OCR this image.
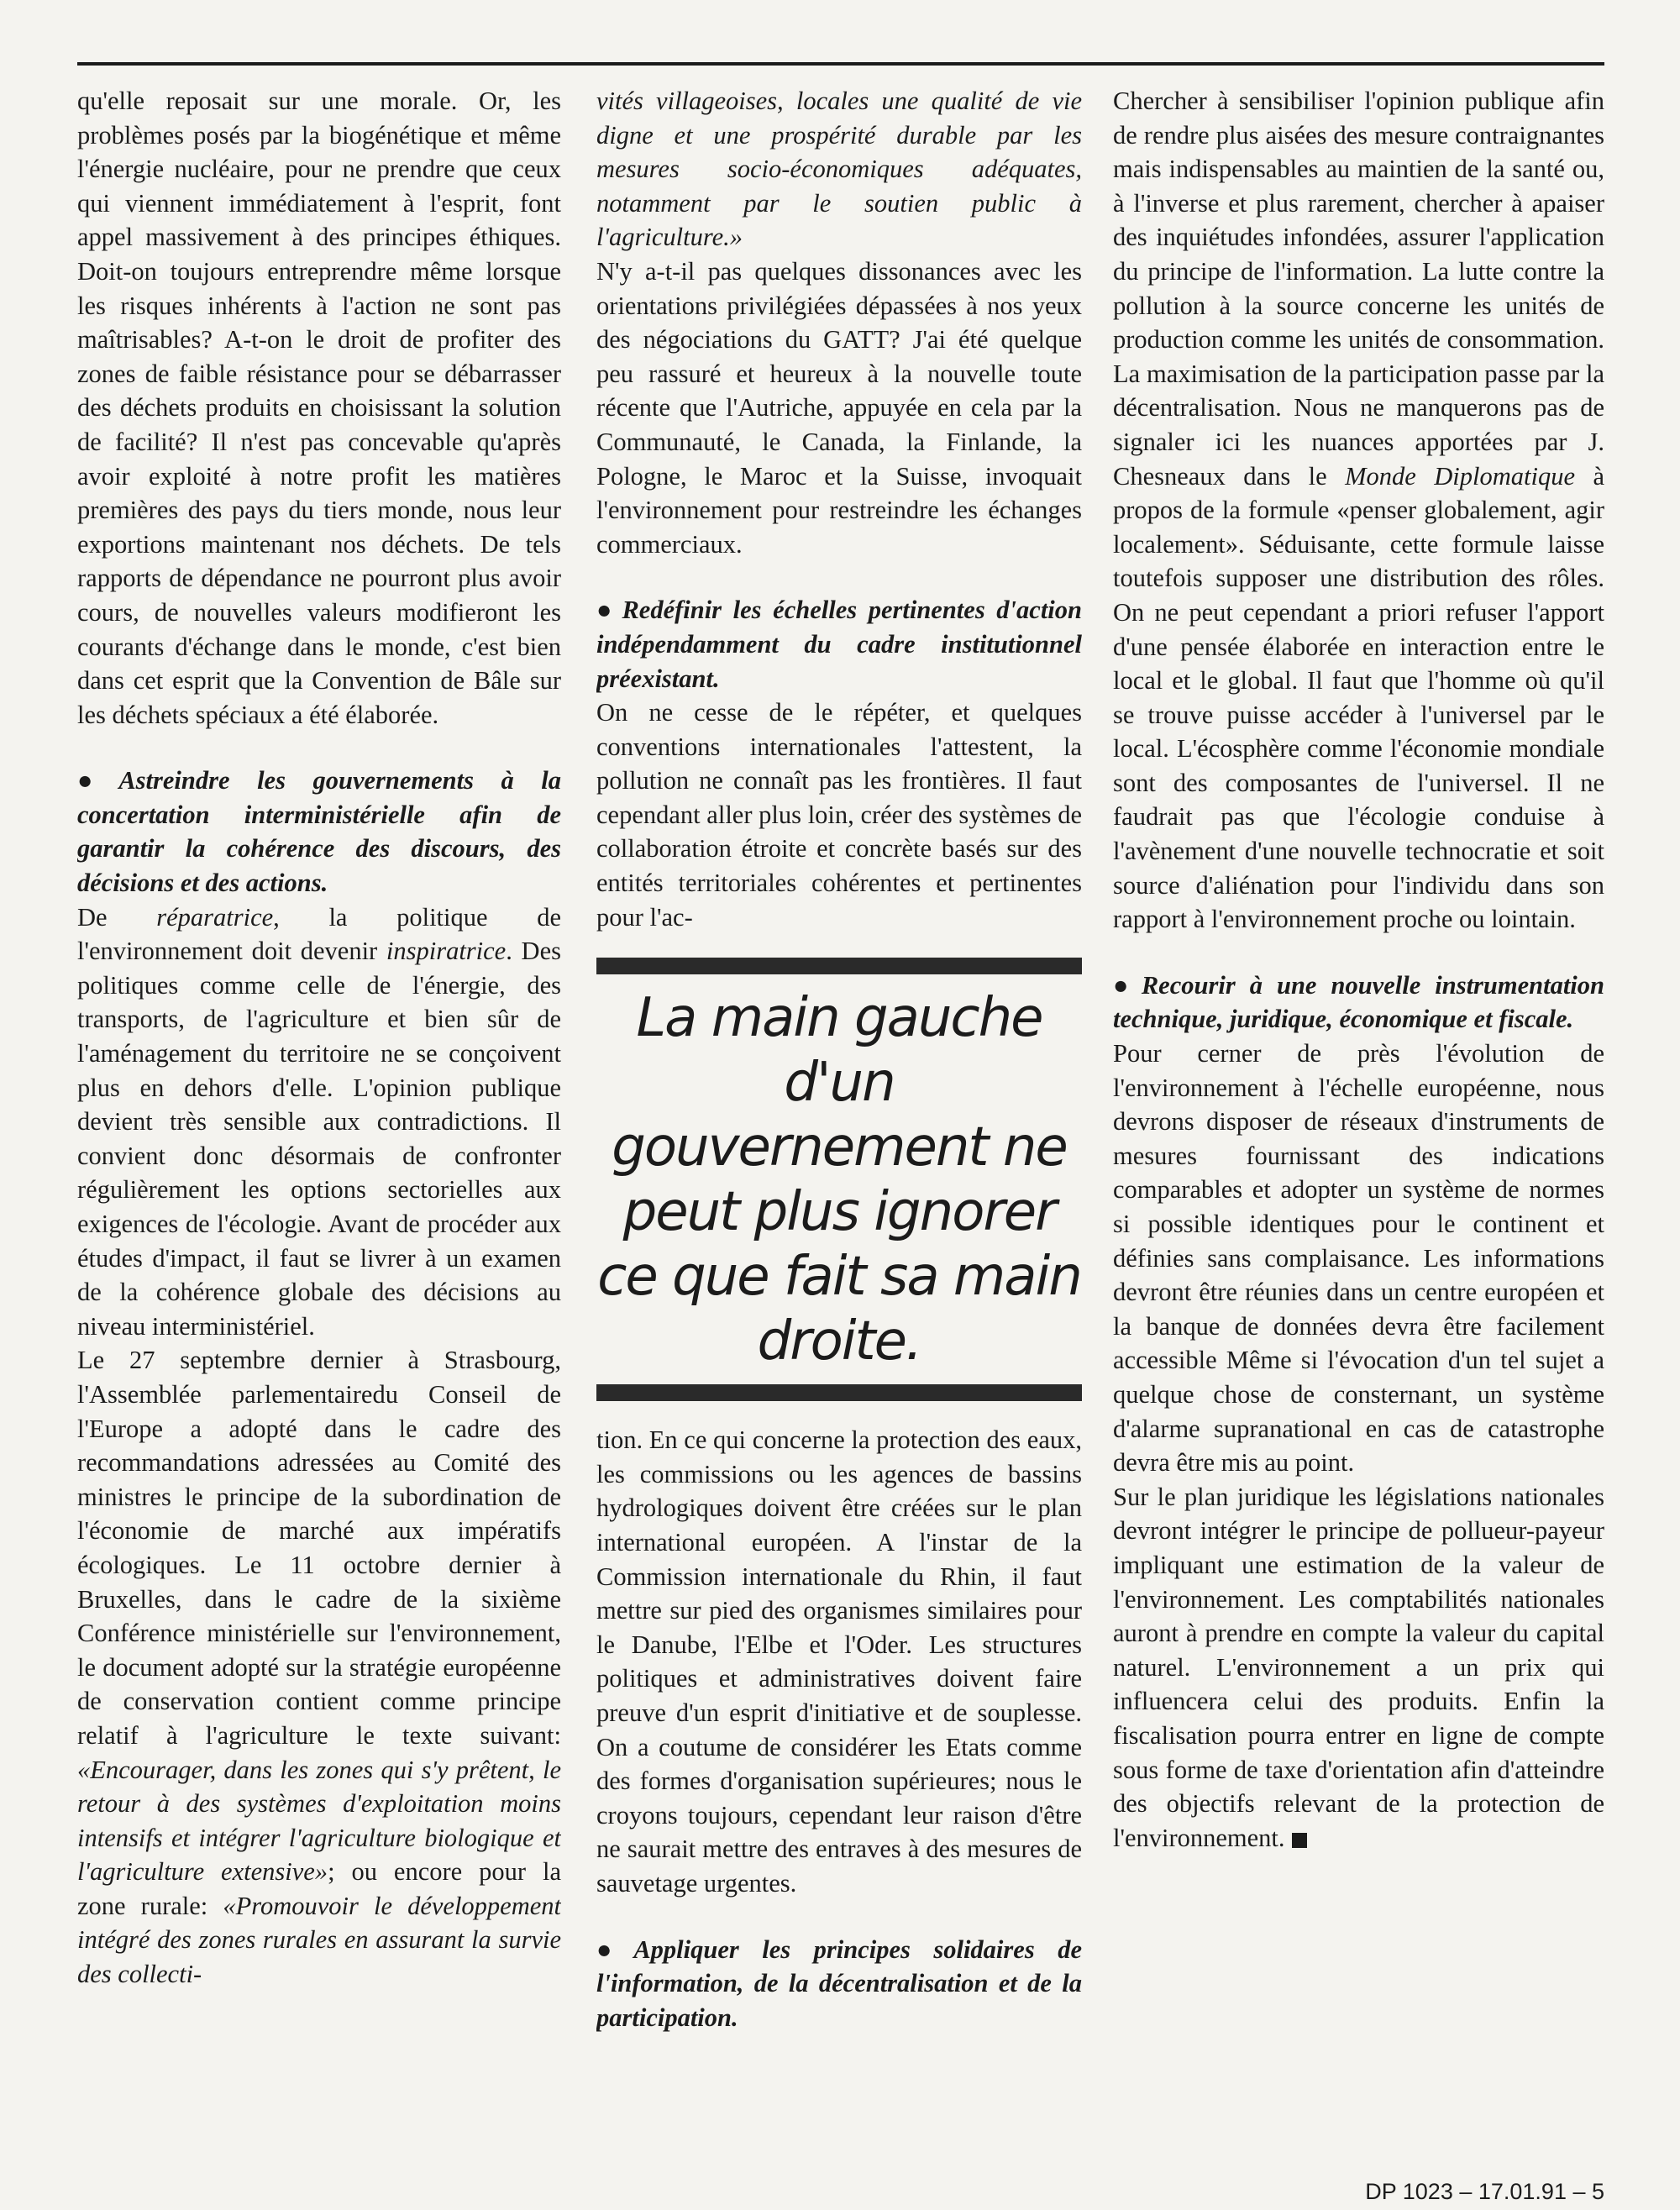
qu'elle reposait sur une morale. Or, les problèmes posés par la biogénétique et même l'énergie nucléaire, pour ne prendre que ceux qui viennent immédiatement à l'esprit, font appel massivement à des principes éthiques. Doit-on toujours entreprendre même lorsque les risques inhérents à l'action ne sont pas maîtrisables? A-t-on le droit de profiter des zones de faible résistance pour se débarrasser des déchets produits en choisissant la solution de facilité? Il n'est pas concevable qu'après avoir exploité à notre profit les matières premières des pays du tiers monde, nous leur exportions maintenant nos déchets. De tels rapports de dépendance ne pourront plus avoir cours, de nouvelles valeurs modifieront les courants d'échange dans le monde, c'est bien dans cet esprit que la Convention de Bâle sur les déchets spéciaux a été élaborée.

● Astreindre les gouvernements à la concertation interministérielle afin de garantir la cohérence des discours, des décisions et des actions.

De réparatrice, la politique de l'environnement doit devenir inspiratrice. Des politiques comme celle de l'énergie, des transports, de l'agriculture et bien sûr de l'aménagement du territoire ne se conçoivent plus en dehors d'elle. L'opinion publique devient très sensible aux contradictions. Il convient donc désormais de confronter régulièrement les options sectorielles aux exigences de l'écologie. Avant de procéder aux études d'impact, il faut se livrer à un examen de la cohérence globale des décisions au niveau interministériel.

Le 27 septembre dernier à Strasbourg, l'Assemblée parlementairedu Conseil de l'Europe a adopté dans le cadre des recommandations adressées au Comité des ministres le principe de la subordination de l'économie de marché aux impératifs écologiques. Le 11 octobre dernier à Bruxelles, dans le cadre de la sixième Conférence ministérielle sur l'environnement, le document adopté sur la stratégie européenne de conservation contient comme principe relatif à l'agriculture le texte suivant: «Encourager, dans les zones qui s'y prêtent, le retour à des systèmes d'exploitation moins intensifs et intégrer l'agriculture biologique et l'agriculture extensive»; ou encore pour la zone rurale: «Promouvoir le développement intégré des zones rurales en assurant la survie des collecti-

vités villageoises, locales une qualité de vie digne et une prospérité durable par les mesures socio-économiques adéquates, notamment par le soutien public à l'agriculture.»

N'y a-t-il pas quelques dissonances avec les orientations privilégiées dépassées à nos yeux des négociations du GATT? J'ai été quelque peu rassuré et heureux à la nouvelle toute récente que l'Autriche, appuyée en cela par la Communauté, le Canada, la Finlande, la Pologne, le Maroc et la Suisse, invoquait l'environnement pour restreindre les échanges commerciaux.

● Redéfinir les échelles pertinentes d'action indépendamment du cadre institutionnel préexistant.

On ne cesse de le répéter, et quelques conventions internationales l'attestent, la pollution ne connaît pas les frontières. Il faut cependant aller plus loin, créer des systèmes de collaboration étroite et concrète basés sur des entités territoriales cohérentes et pertinentes pour l'ac-

La main gauche d'un gouvernement ne peut plus ignorer ce que fait sa main droite.

tion. En ce qui concerne la protection des eaux, les commissions ou les agences de bassins hydrologiques doivent être créées sur le plan international européen. A l'instar de la Commission internationale du Rhin, il faut mettre sur pied des organismes similaires pour le Danube, l'Elbe et l'Oder. Les structures politiques et administratives doivent faire preuve d'un esprit d'initiative et de souplesse. On a coutume de considérer les Etats comme des formes d'organisation supérieures; nous le croyons toujours, cependant leur raison d'être ne saurait mettre des entraves à des mesures de sauvetage urgentes.

● Appliquer les principes solidaires de l'information, de la décentralisation et de la participation.

Chercher à sensibiliser l'opinion publique afin de rendre plus aisées des mesure contraignantes mais indispensables au maintien de la santé ou, à l'inverse et plus rarement, chercher à apaiser des inquiétudes infondées, assurer l'application du principe de l'information. La lutte contre la pollution à la source concerne les unités de production comme les unités de consommation. La maximisation de la participation passe par la décentralisation. Nous ne manquerons pas de signaler ici les nuances apportées par J. Chesneaux dans le Monde Diplomatique à propos de la formule «penser globalement, agir localement». Séduisante, cette formule laisse toutefois supposer une distribution des rôles. On ne peut cependant a priori refuser l'apport d'une pensée élaborée en interaction entre le local et le global. Il faut que l'homme où qu'il se trouve puisse accéder à l'universel par le local. L'écosphère comme l'économie mondiale sont des composantes de l'universel. Il ne faudrait pas que l'écologie conduise à l'avènement d'une nouvelle technocratie et soit source d'aliénation pour l'individu dans son rapport à l'environnement proche ou lointain.

● Recourir à une nouvelle instrumentation technique, juridique, économique et fiscale.

Pour cerner de près l'évolution de l'environnement à l'échelle européenne, nous devrons disposer de réseaux d'instruments de mesures fournissant des indications comparables et adopter un système de normes si possible identiques pour le continent et définies sans complaisance. Les informations devront être réunies dans un centre européen et la banque de données devra être facilement accessible Même si l'évocation d'un tel sujet a quelque chose de consternant, un système d'alarme supranational en cas de catastrophe devra être mis au point.

Sur le plan juridique les législations nationales devront intégrer le principe de pollueur-payeur impliquant une estimation de la valeur de l'environnement. Les comptabilités nationales auront à prendre en compte la valeur du capital naturel. L'environnement a un prix qui influencera celui des produits. Enfin la fiscalisation pourra entrer en ligne de compte sous forme de taxe d'orientation afin d'atteindre des objectifs relevant de la protection de l'environnement.

DP 1023 – 17.01.91 – 5
